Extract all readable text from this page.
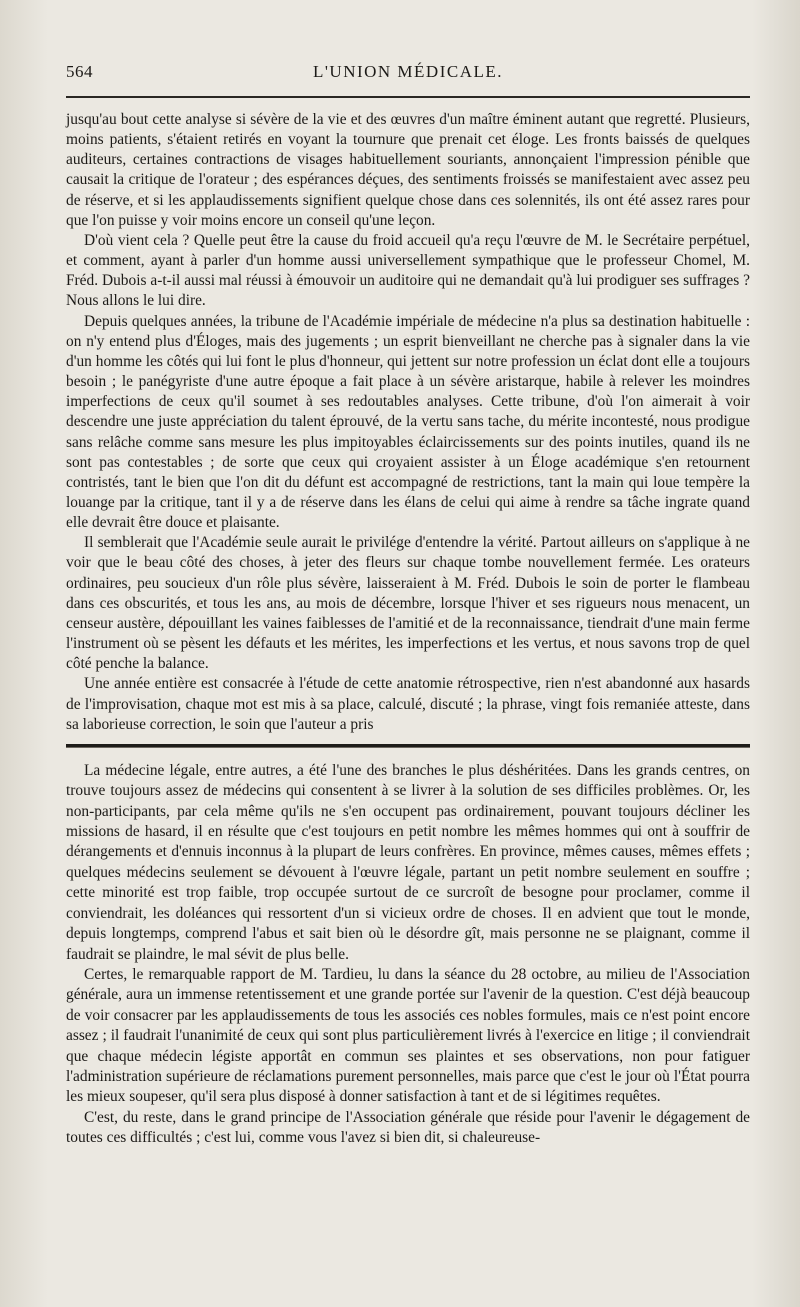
564	L'UNION MÉDICALE.

jusqu'au bout cette analyse si sévère de la vie et des œuvres d'un maître éminent autant que regretté. Plusieurs, moins patients, s'étaient retirés en voyant la tournure que prenait cet éloge. Les fronts baissés de quelques auditeurs, certaines contractions de visages habituellement souriants, annonçaient l'impression pénible que causait la critique de l'orateur ; des espérances déçues, des sentiments froissés se manifestaient avec assez peu de réserve, et si les applaudissements signifient quelque chose dans ces solennités, ils ont été assez rares pour que l'on puisse y voir moins encore un conseil qu'une leçon.

D'où vient cela ? Quelle peut être la cause du froid accueil qu'a reçu l'œuvre de M. le Secrétaire perpétuel, et comment, ayant à parler d'un homme aussi universellement sympathique que le professeur Chomel, M. Fréd. Dubois a-t-il aussi mal réussi à émouvoir un auditoire qui ne demandait qu'à lui prodiguer ses suffrages ? Nous allons le lui dire.

Depuis quelques années, la tribune de l'Académie impériale de médecine n'a plus sa destination habituelle : on n'y entend plus d'Éloges, mais des jugements ; un esprit bienveillant ne cherche pas à signaler dans la vie d'un homme les côtés qui lui font le plus d'honneur, qui jettent sur notre profession un éclat dont elle a toujours besoin ; le panégyriste d'une autre époque a fait place à un sévère aristarque, habile à relever les moindres imperfections de ceux qu'il soumet à ses redoutables analyses. Cette tribune, d'où l'on aimerait à voir descendre une juste appréciation du talent éprouvé, de la vertu sans tache, du mérite incontesté, nous prodigue sans relâche comme sans mesure les plus impitoyables éclaircissements sur des points inutiles, quand ils ne sont pas contestables ; de sorte que ceux qui croyaient assister à un Éloge académique s'en retournent contristés, tant le bien que l'on dit du défunt est accompagné de restrictions, tant la main qui loue tempère la louange par la critique, tant il y a de réserve dans les élans de celui qui aime à rendre sa tâche ingrate quand elle devrait être douce et plaisante.

Il semblerait que l'Académie seule aurait le privilége d'entendre la vérité. Partout ailleurs on s'applique à ne voir que le beau côté des choses, à jeter des fleurs sur chaque tombe nouvellement fermée. Les orateurs ordinaires, peu soucieux d'un rôle plus sévère, laisseraient à M. Fréd. Dubois le soin de porter le flambeau dans ces obscurités, et tous les ans, au mois de décembre, lorsque l'hiver et ses rigueurs nous menacent, un censeur austère, dépouillant les vaines faiblesses de l'amitié et de la reconnaissance, tiendrait d'une main ferme l'instrument où se pèsent les défauts et les mérites, les imperfections et les vertus, et nous savons trop de quel côté penche la balance.

Une année entière est consacrée à l'étude de cette anatomie rétrospective, rien n'est abandonné aux hasards de l'improvisation, chaque mot est mis à sa place, calculé, discuté ; la phrase, vingt fois remaniée atteste, dans sa laborieuse correction, le soin que l'auteur a pris

La médecine légale, entre autres, a été l'une des branches le plus déshéritées. Dans les grands centres, on trouve toujours assez de médecins qui consentent à se livrer à la solution de ses difficiles problèmes. Or, les non-participants, par cela même qu'ils ne s'en occupent pas ordinairement, pouvant toujours décliner les missions de hasard, il en résulte que c'est toujours en petit nombre les mêmes hommes qui ont à souffrir de dérangements et d'ennuis inconnus à la plupart de leurs confrères. En province, mêmes causes, mêmes effets ; quelques médecins seulement se dévouent à l'œuvre légale, partant un petit nombre seulement en souffre ; cette minorité est trop faible, trop occupée surtout de ce surcroît de besogne pour proclamer, comme il conviendrait, les doléances qui ressortent d'un si vicieux ordre de choses. Il en advient que tout le monde, depuis longtemps, comprend l'abus et sait bien où le désordre gît, mais personne ne se plaignant, comme il faudrait se plaindre, le mal sévit de plus belle.

Certes, le remarquable rapport de M. Tardieu, lu dans la séance du 28 octobre, au milieu de l'Association générale, aura un immense retentissement et une grande portée sur l'avenir de la question. C'est déjà beaucoup de voir consacrer par les applaudissements de tous les associés ces nobles formules, mais ce n'est point encore assez ; il faudrait l'unanimité de ceux qui sont plus particulièrement livrés à l'exercice en litige ; il conviendrait que chaque médecin légiste apportât en commun ses plaintes et ses observations, non pour fatiguer l'administration supérieure de réclamations purement personnelles, mais parce que c'est le jour où l'État pourra les mieux soupeser, qu'il sera plus disposé à donner satisfaction à tant et de si légitimes requêtes.

C'est, du reste, dans le grand principe de l'Association générale que réside pour l'avenir le dégagement de toutes ces difficultés ; c'est lui, comme vous l'avez si bien dit, si chaleureuse-
